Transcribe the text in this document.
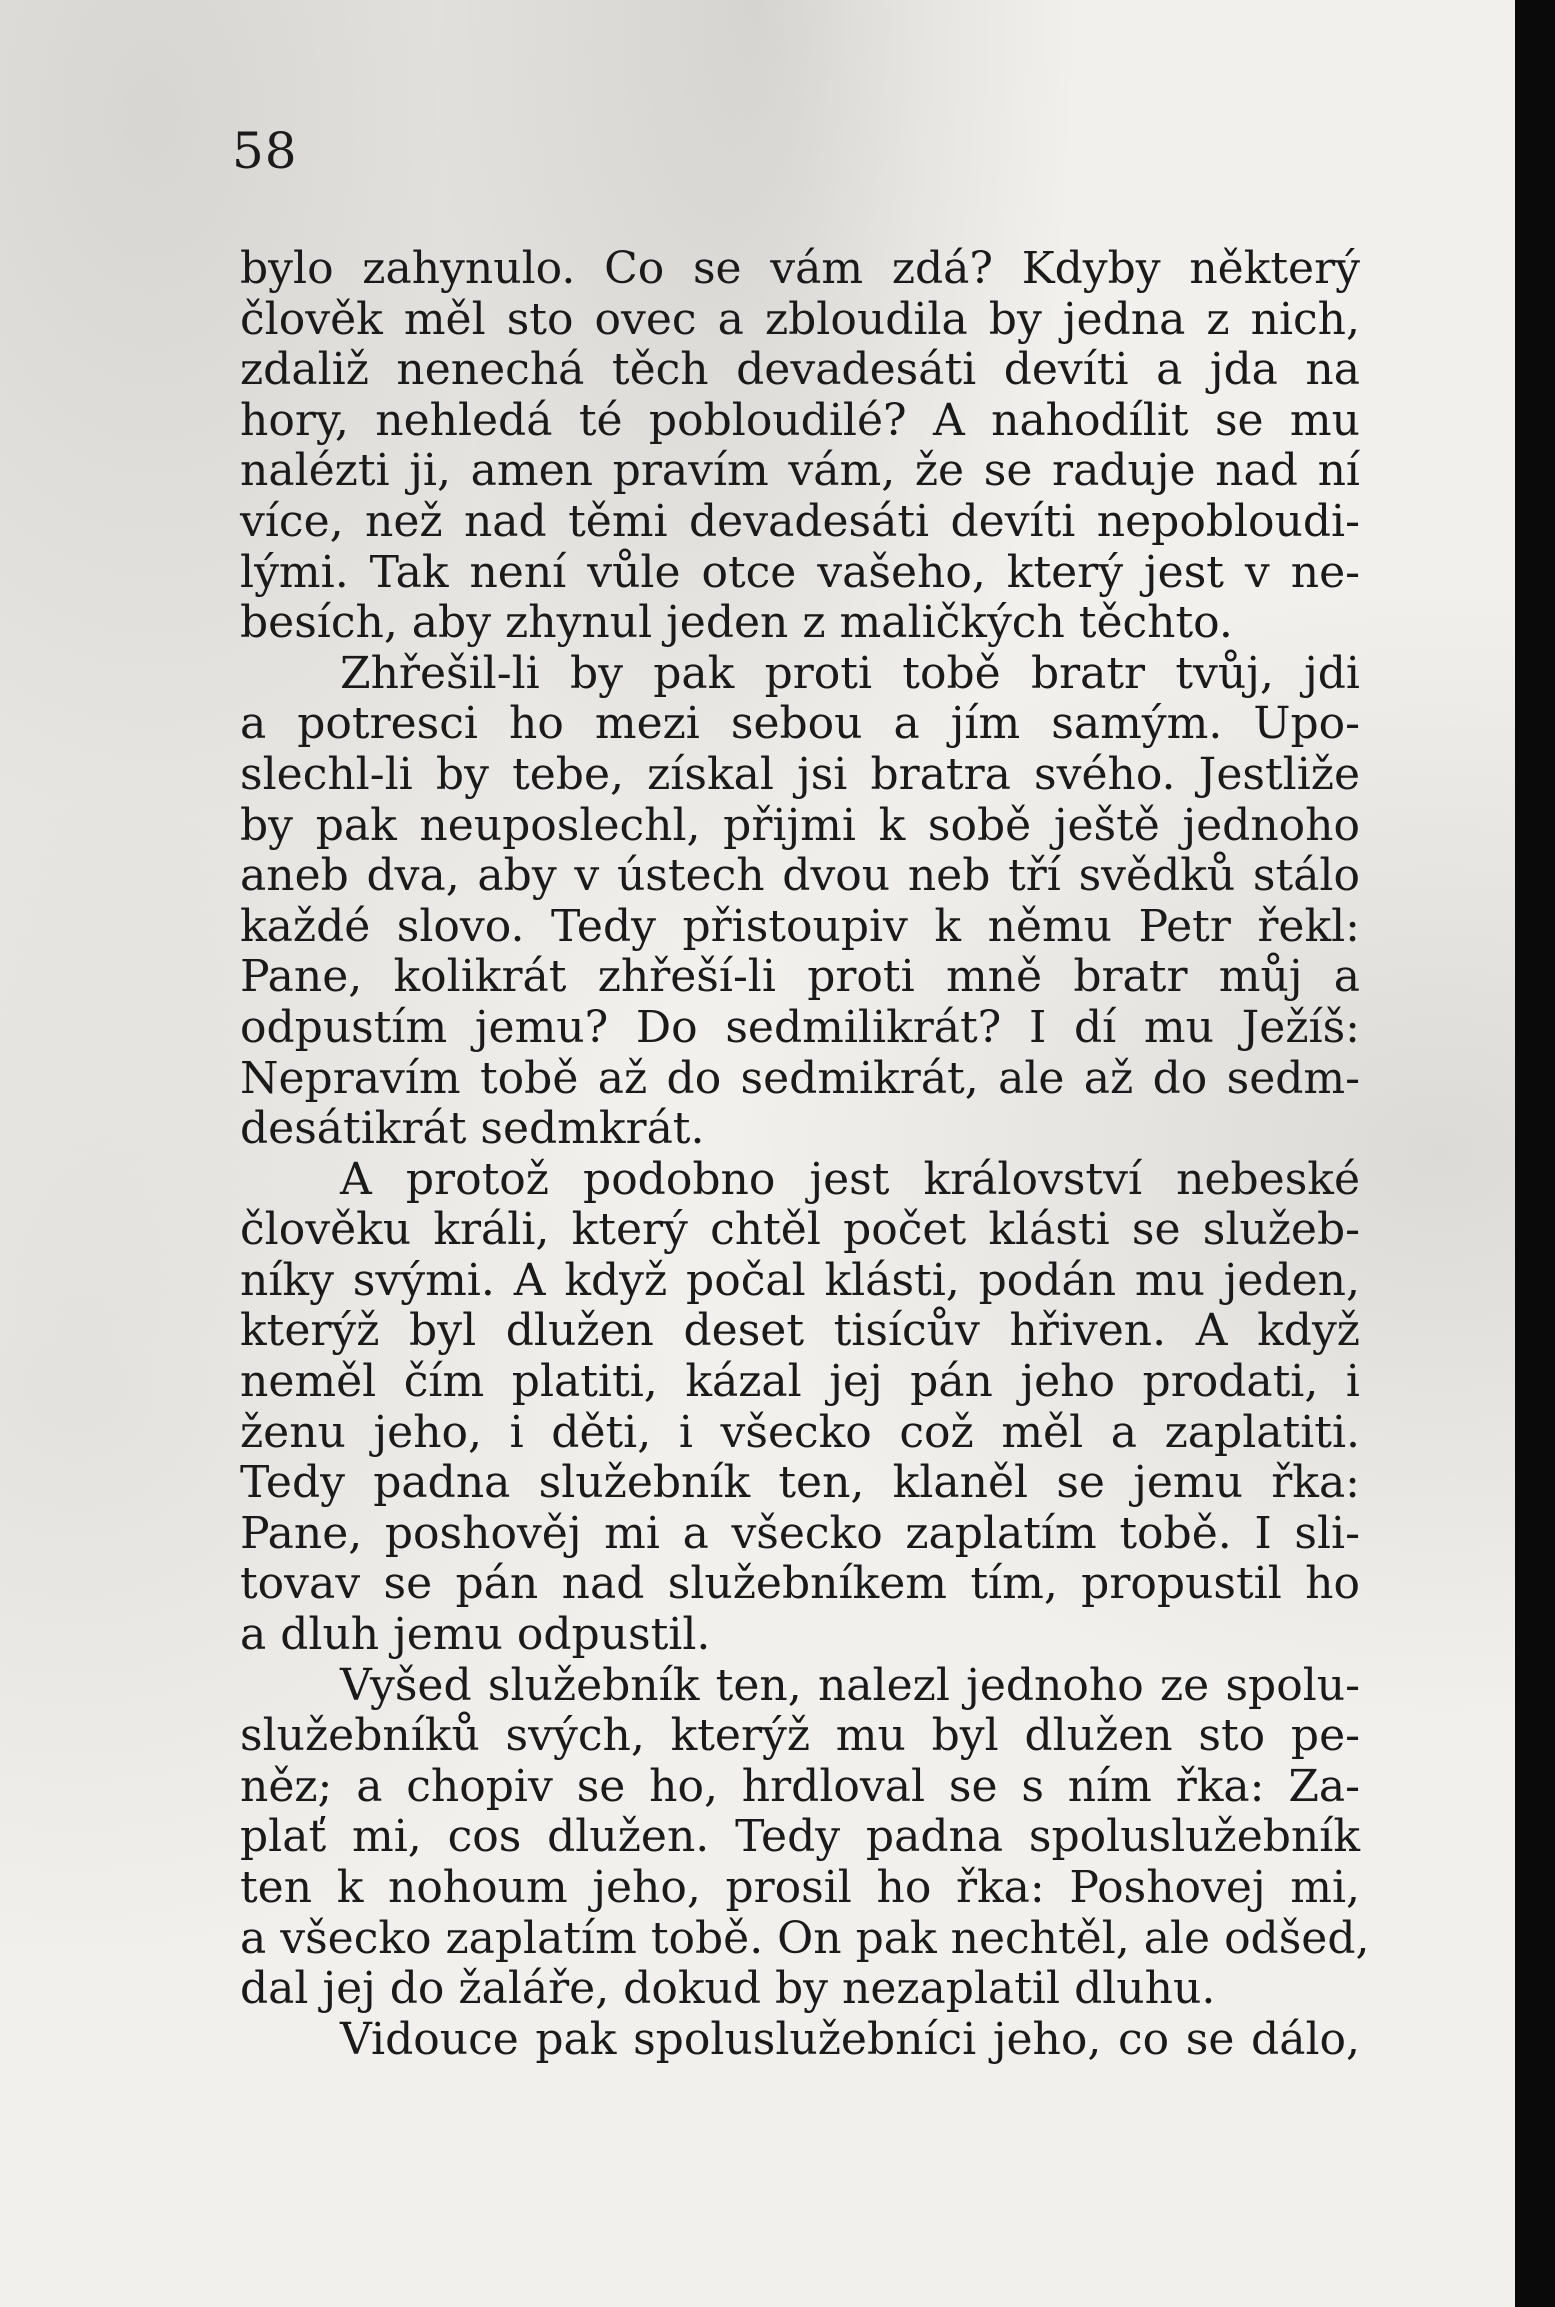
58
bylo zahynulo. Co se vám zdá? Kdyby některý
člověk měl sto ovec a zbloudila by jedna z nich,
zdaliž nenechá těch devadesáti devíti a jda na
hory, nehledá té pobloudilé? A nahodílit se mu
nalézti ji, amen pravím vám, že se raduje nad ní
více, než nad těmi devadesáti devíti nepobloudi-
lými. Tak není vůle otce vašeho, který jest v ne-
besích, aby zhynul jeden z maličkých těchto.
Zhřešil-li by pak proti tobě bratr tvůj, jdi
a potresci ho mezi sebou a jím samým. Upo-
slechl-li by tebe, získal jsi bratra svého. Jestliže
by pak neuposlechl, přijmi k sobě ještě jednoho
aneb dva, aby v ústech dvou neb tří svědků stálo
každé slovo. Tedy přistoupiv k němu Petr řekl:
Pane, kolikrát zhřeší-li proti mně bratr můj a
odpustím jemu? Do sedmilikrát? I dí mu Ježíš:
Nepravím tobě až do sedmikrát, ale až do sedm-
desátikrát sedmkrát.
A protož podobno jest království nebeské
člověku králi, který chtěl počet klásti se služeb-
níky svými. A když počal klásti, podán mu jeden,
kterýž byl dlužen deset tisícův hřiven. A když
neměl čím platiti, kázal jej pán jeho prodati, i
ženu jeho, i děti, i všecko což měl a zaplatiti.
Tedy padna služebník ten, klaněl se jemu řka:
Pane, poshověj mi a všecko zaplatím tobě. I sli-
tovav se pán nad služebníkem tím, propustil ho
a dluh jemu odpustil.
Vyšed služebník ten, nalezl jednoho ze spolu-
služebníků svých, kterýž mu byl dlužen sto pe-
něz; a chopiv se ho, hrdloval se s ním řka: Za-
plať mi, cos dlužen. Tedy padna spoluslužebník
ten k nohoum jeho, prosil ho řka: Poshovej mi,
a všecko zaplatím tobě. On pak nechtěl, ale odšed,
dal jej do žaláře, dokud by nezaplatil dluhu.
Vidouce pak spoluslužebníci jeho, co se dálo,
